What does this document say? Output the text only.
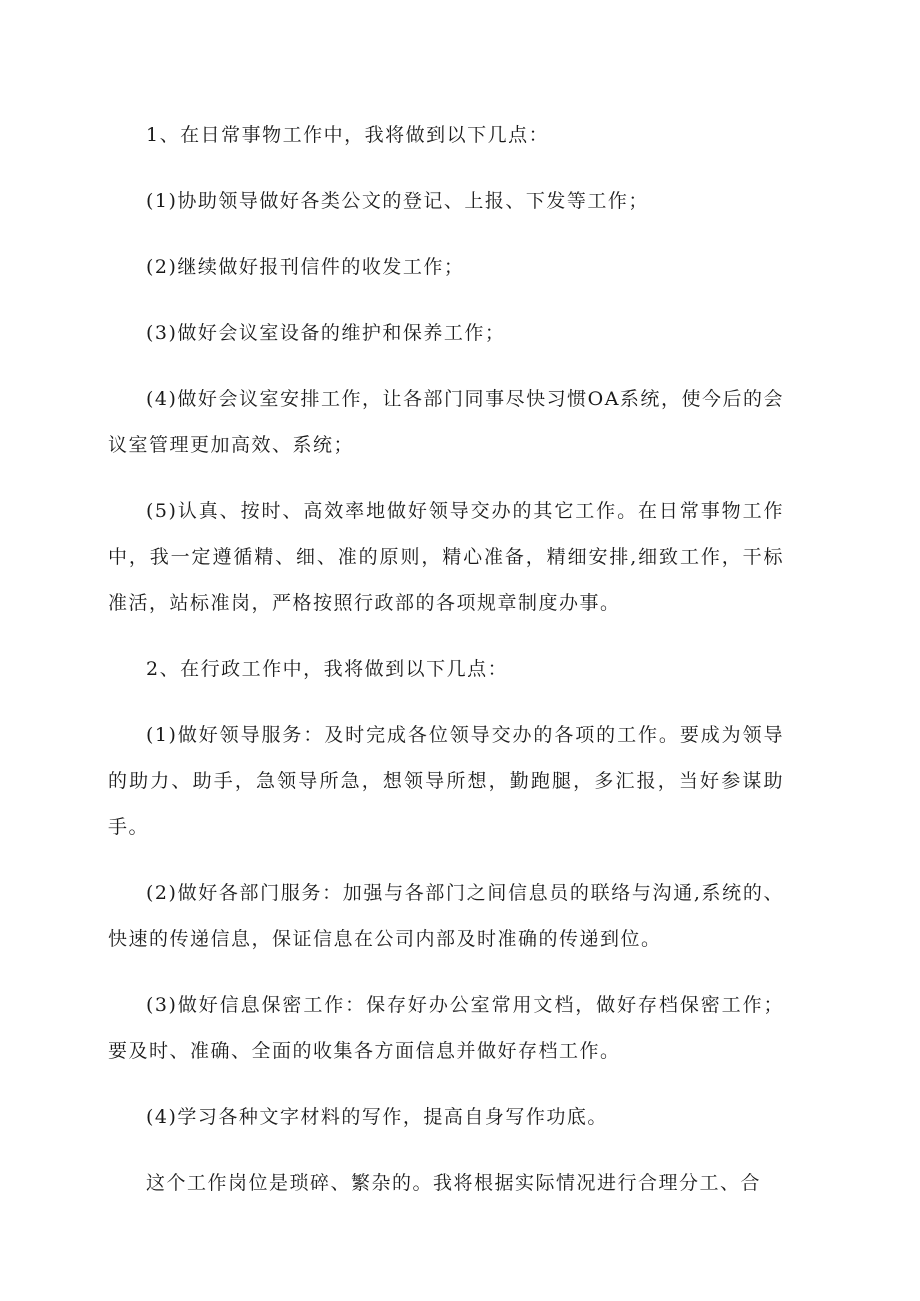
1、在日常事物工作中，我将做到以下几点：

(1)协助领导做好各类公文的登记、上报、下发等工作；

(2)继续做好报刊信件的收发工作；

(3)做好会议室设备的维护和保养工作；

(4)做好会议室安排工作，让各部门同事尽快习惯OA系统，使今后的会议室管理更加高效、系统；

(5)认真、按时、高效率地做好领导交办的其它工作。在日常事物工作中，我一定遵循精、细、准的原则，精心准备，精细安排,细致工作，干标准活，站标准岗，严格按照行政部的各项规章制度办事。

2、在行政工作中，我将做到以下几点：

(1)做好领导服务：及时完成各位领导交办的各项的工作。要成为领导的助力、助手，急领导所急，想领导所想，勤跑腿，多汇报，当好参谋助手。

(2)做好各部门服务：加强与各部门之间信息员的联络与沟通,系统的、快速的传递信息，保证信息在公司内部及时准确的传递到位。

(3)做好信息保密工作：保存好办公室常用文档，做好存档保密工作；要及时、准确、全面的收集各方面信息并做好存档工作。

(4)学习各种文字材料的写作，提高自身写作功底。

这个工作岗位是琐碎、繁杂的。我将根据实际情况进行合理分工、合
